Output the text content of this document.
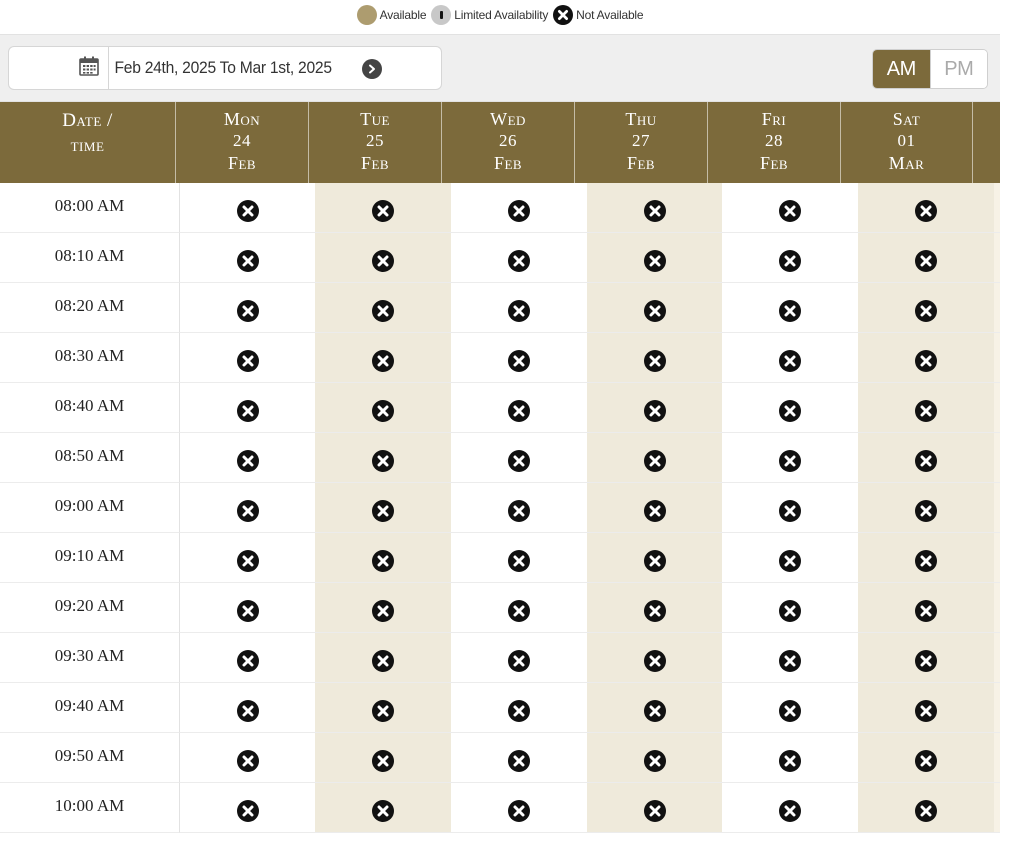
Available Limited Availability Not Available
Feb 24th, 2025 To Mar 1st, 2025	AM	PM
Date /
time
Mon
24
Feb
Tue
25
Feb
Wed
26
Feb
Thu
27
Feb
Fri
28
Feb
Sat
01
Mar
08:00 AM
08:10 AM
08:20 AM
08:30 AM
08:40 AM
08:50 AM
09:00 AM
09:10 AM
09:20 AM
09:30 AM
09:40 AM
09:50 AM
10:00 AM
